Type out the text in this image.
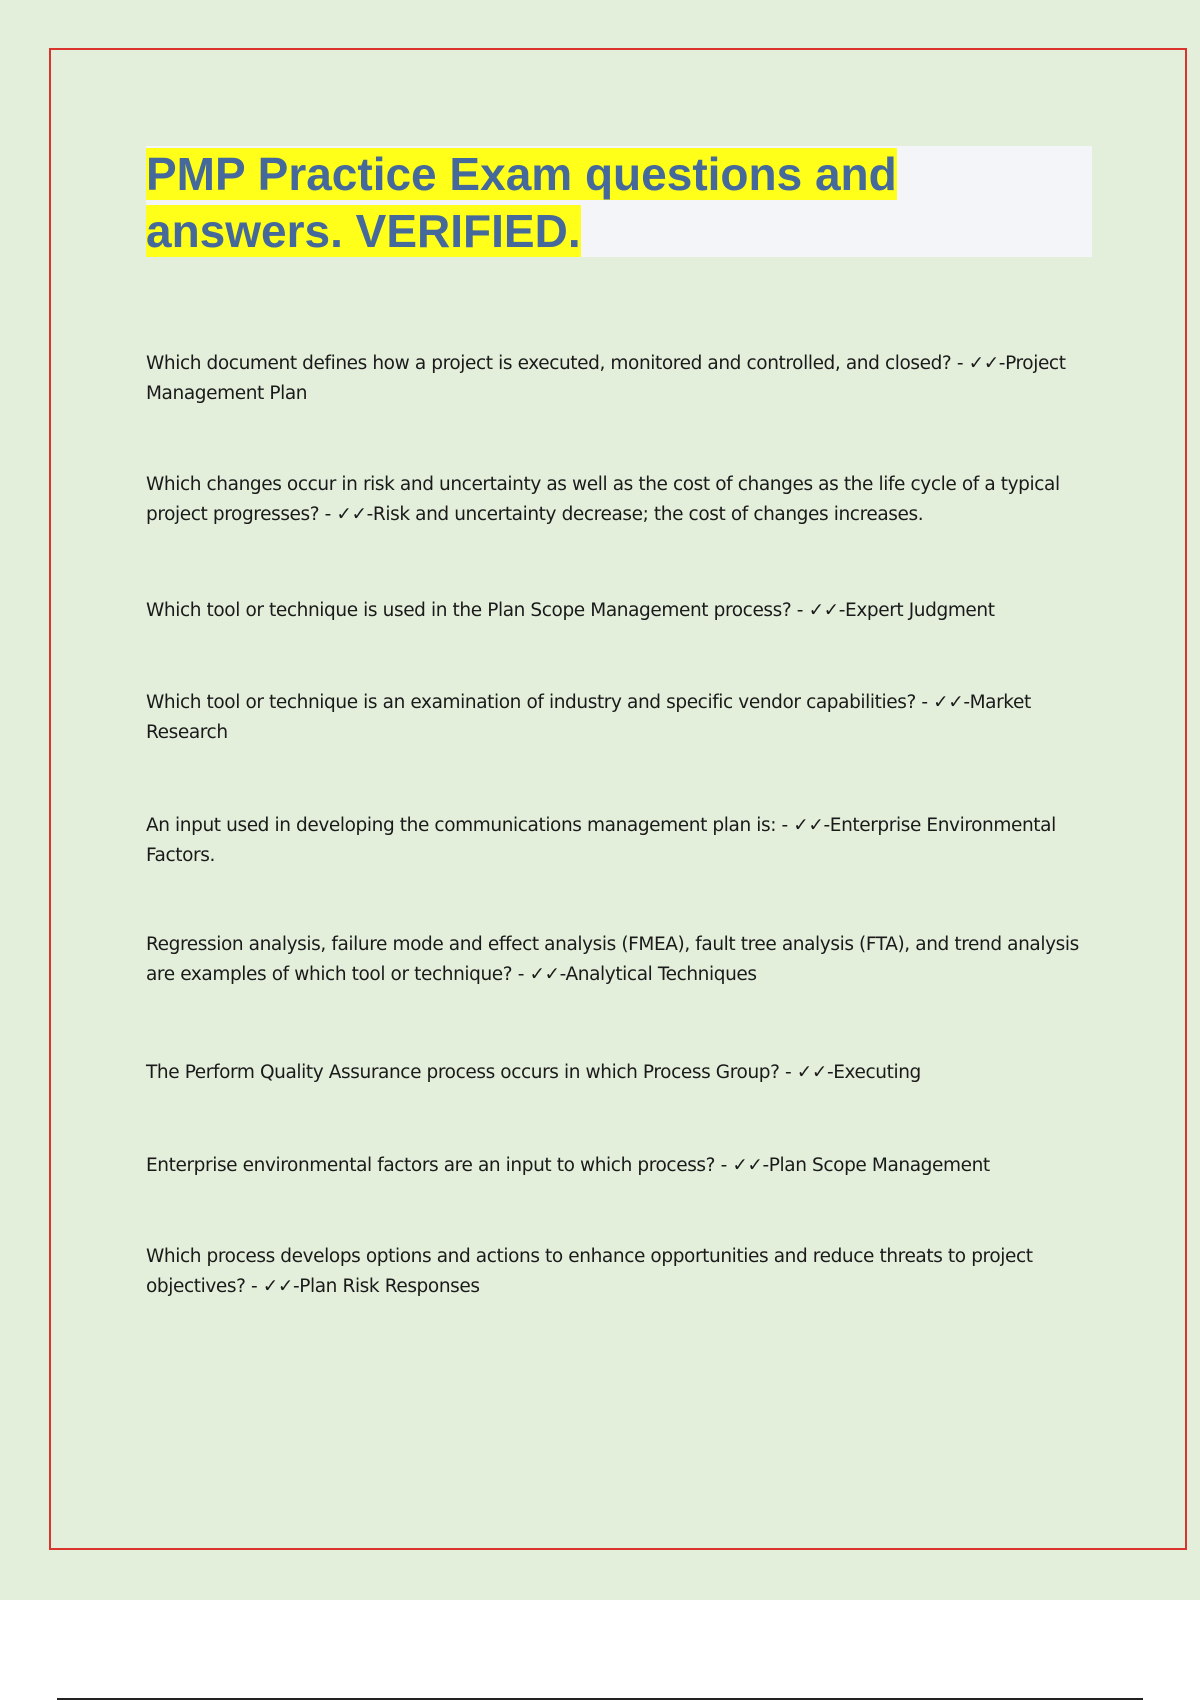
PMP Practice Exam questions and
answers. VERIFIED.

Which document defines how a project is executed, monitored and controlled, and closed? - ✓✓-Project Management Plan

Which changes occur in risk and uncertainty as well as the cost of changes as the life cycle of a typical project progresses? - ✓✓-Risk and uncertainty decrease; the cost of changes increases.

Which tool or technique is used in the Plan Scope Management process? - ✓✓-Expert Judgment

Which tool or technique is an examination of industry and specific vendor capabilities? - ✓✓-Market Research

An input used in developing the communications management plan is: - ✓✓-Enterprise Environmental Factors.

Regression analysis, failure mode and effect analysis (FMEA), fault tree analysis (FTA), and trend analysis are examples of which tool or technique? - ✓✓-Analytical Techniques

The Perform Quality Assurance process occurs in which Process Group? - ✓✓-Executing

Enterprise environmental factors are an input to which process? - ✓✓-Plan Scope Management

Which process develops options and actions to enhance opportunities and reduce threats to project objectives? - ✓✓-Plan Risk Responses
